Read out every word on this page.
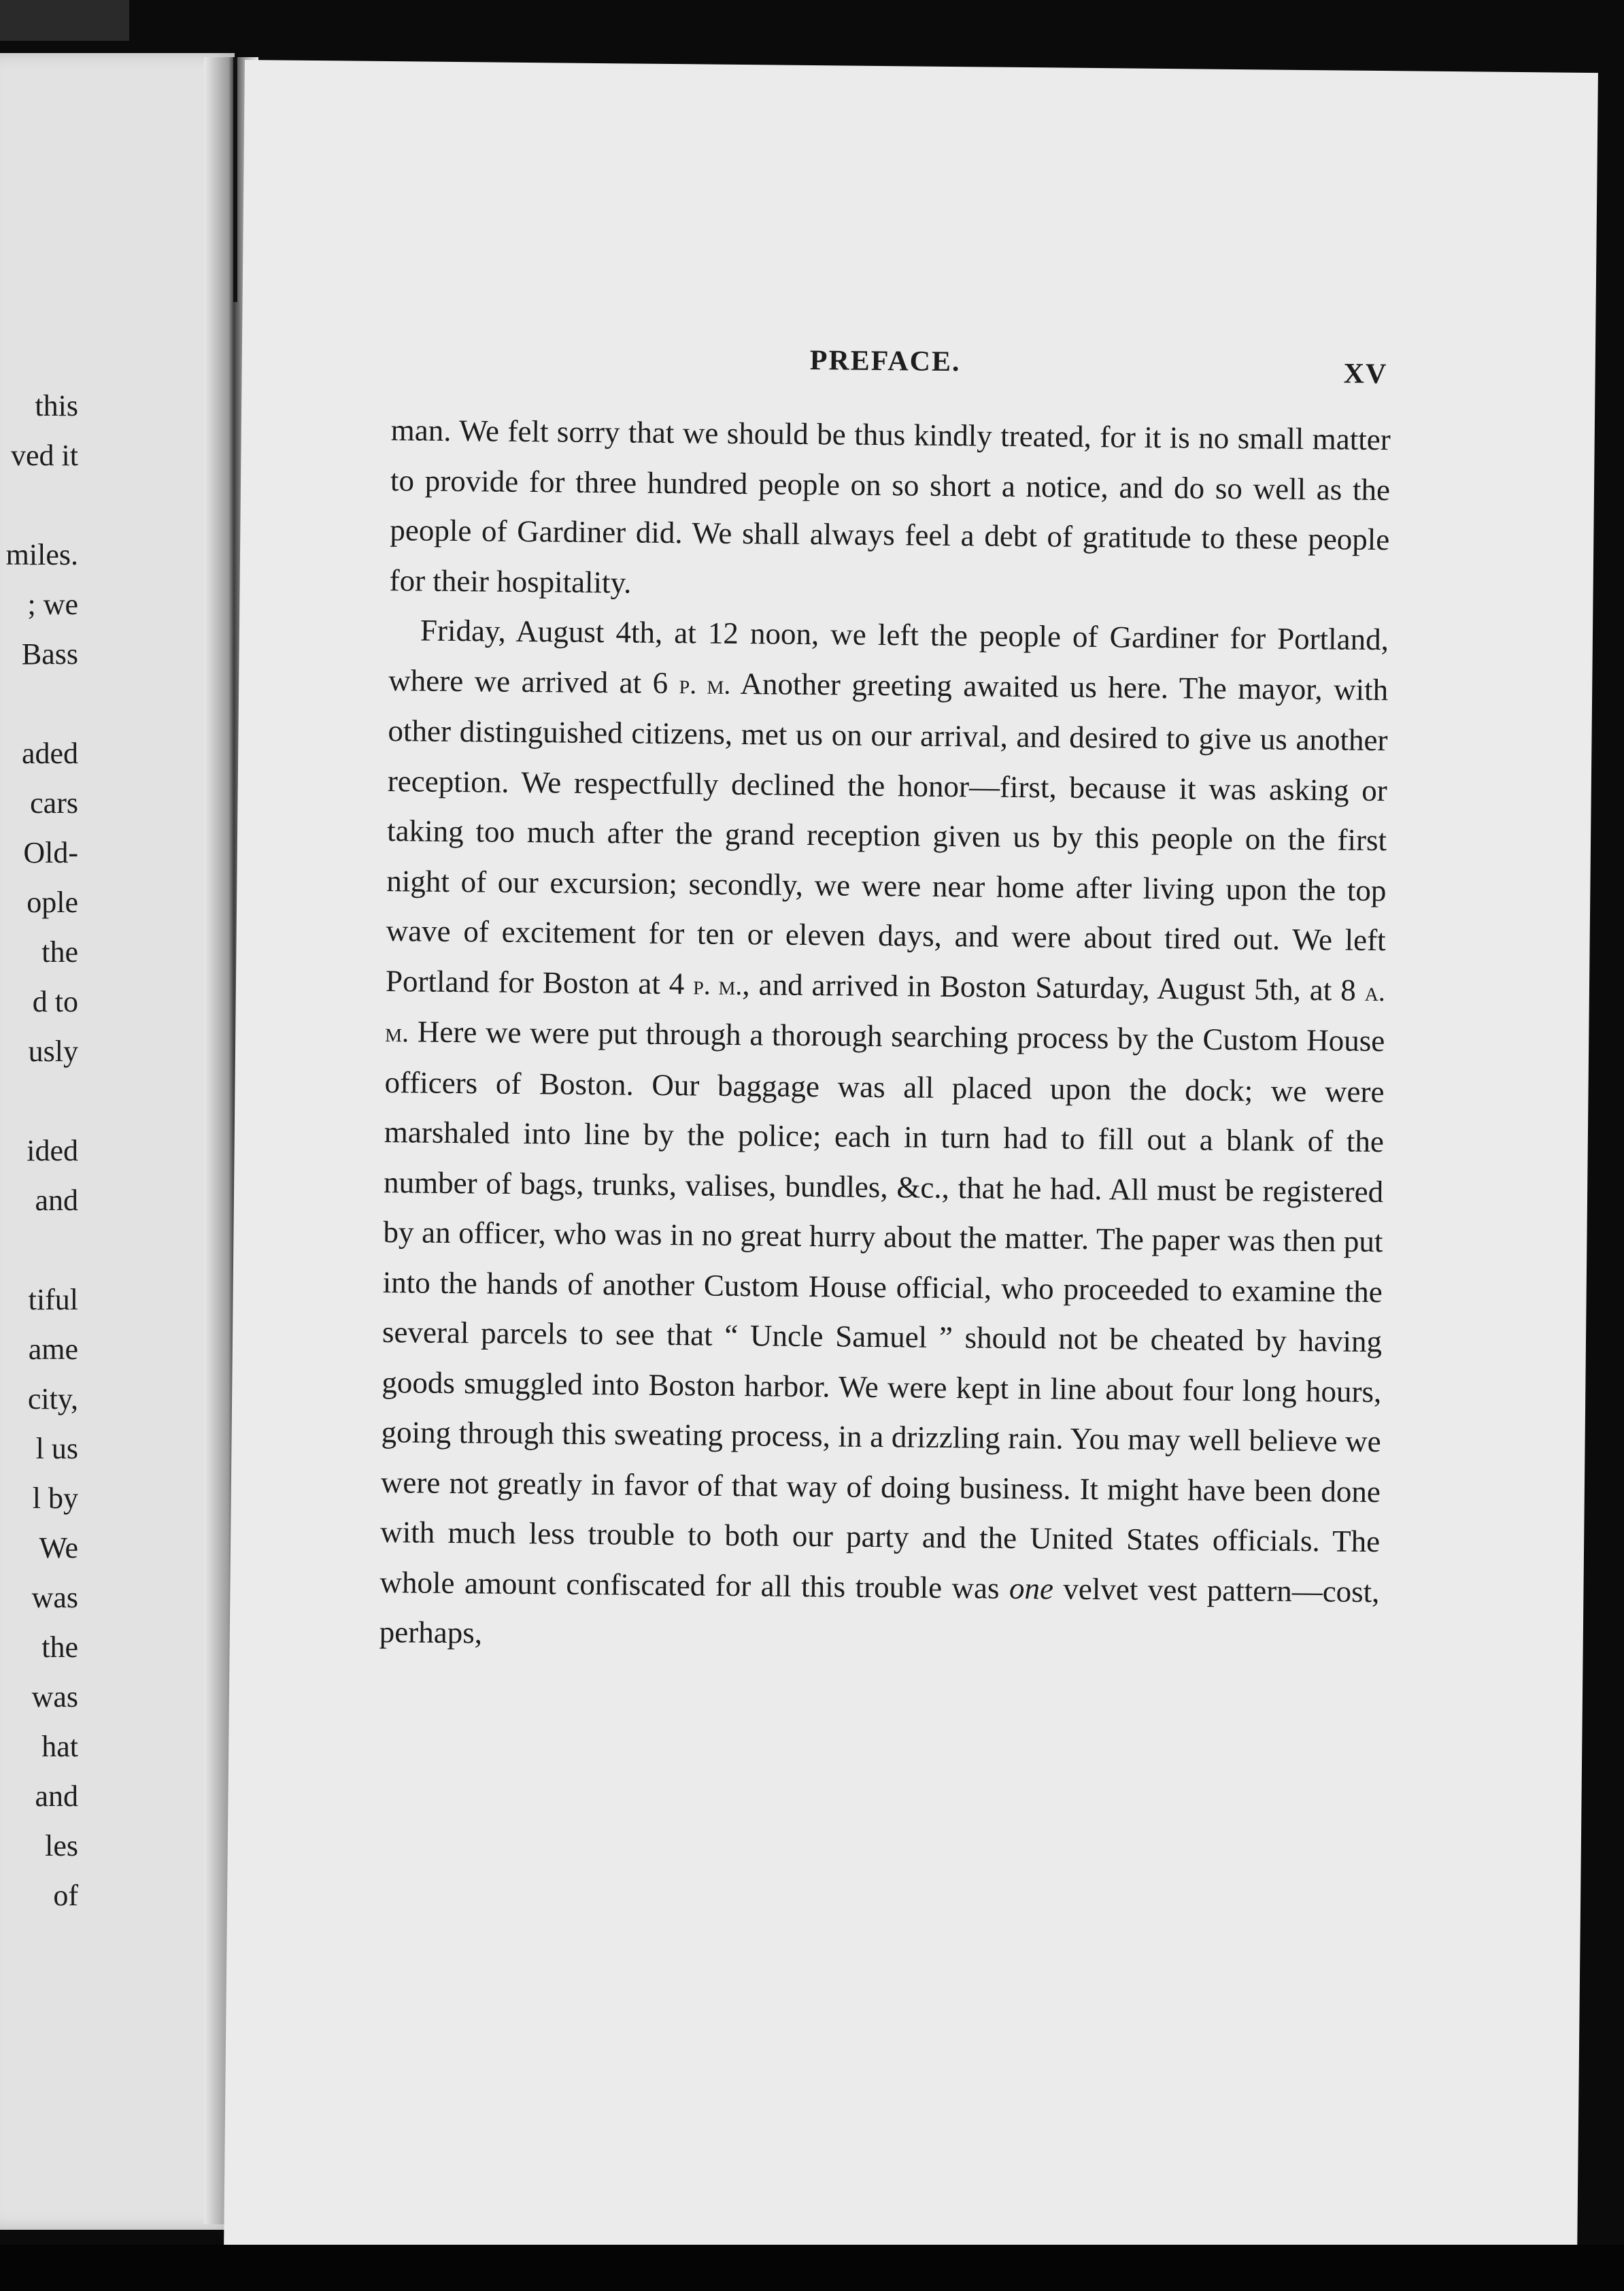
this
ved it
miles.
; we
Bass
aded
cars
Old-
ople
the
d to
usly
ided
and
tiful
ame
city,
l us
l by
We
was
the
was
hat
and
les
of
PREFACE.	XV

man. We felt sorry that we should be thus kindly treated, for it is no small matter to provide for three hundred people on so short a notice, and do so well as the people of Gardiner did. We shall always feel a debt of gratitude to these people for their hospitality.

Friday, August 4th, at 12 noon, we left the people of Gardiner for Portland, where we arrived at 6 p. m. Another greeting awaited us here. The mayor, with other distinguished citizens, met us on our arrival, and desired to give us another reception. We respectfully declined the honor—first, because it was asking or taking too much after the grand reception given us by this people on the first night of our excursion; secondly, we were near home after living upon the top wave of excitement for ten or eleven days, and were about tired out. We left Portland for Boston at 4 p. m., and arrived in Boston Saturday, August 5th, at 8 a. m. Here we were put through a thorough searching process by the Custom House officers of Boston. Our baggage was all placed upon the dock; we were marshaled into line by the police; each in turn had to fill out a blank of the number of bags, trunks, valises, bundles, &c., that he had. All must be registered by an officer, who was in no great hurry about the matter. The paper was then put into the hands of another Custom House official, who proceeded to examine the several parcels to see that “ Uncle Samuel ” should not be cheated by having goods smuggled into Boston harbor. We were kept in line about four long hours, going through this sweating process, in a drizzling rain. You may well believe we were not greatly in favor of that way of doing business. It might have been done with much less trouble to both our party and the United States officials. The whole amount confiscated for all this trouble was one velvet vest pattern—cost, perhaps,
